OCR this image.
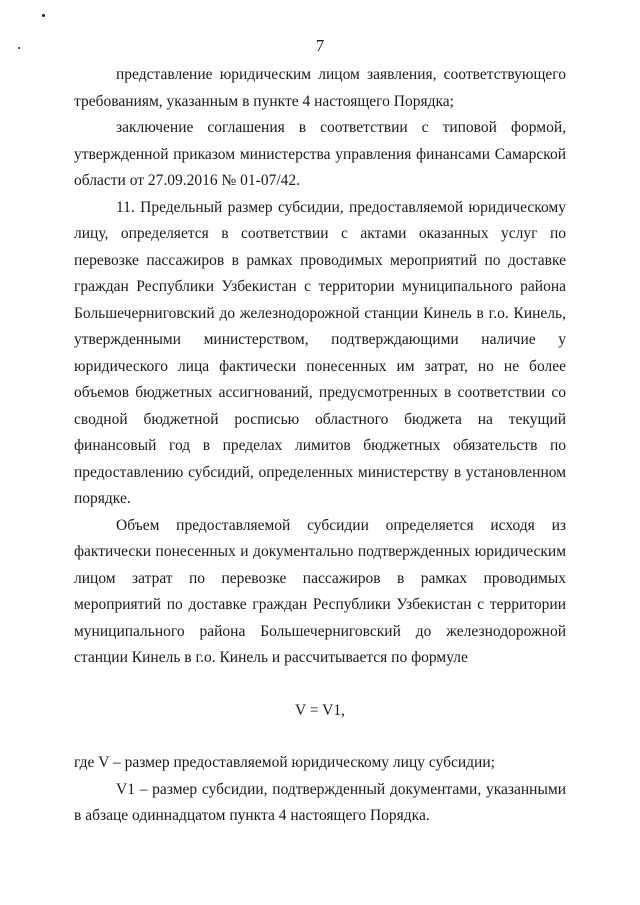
7

представление юридическим лицом заявления, соответствующего требованиям, указанным в пункте 4 настоящего Порядка;

заключение соглашения в соответствии с типовой формой, утвержденной приказом министерства управления финансами Самарской области от 27.09.2016 № 01-07/42.

11. Предельный размер субсидии, предоставляемой юридическому лицу, определяется в соответствии с актами оказанных услуг по перевозке пассажиров в рамках проводимых мероприятий по доставке граждан Республики Узбекистан с территории муниципального района Большечерниговский до железнодорожной станции Кинель в г.о. Кинель, утвержденными министерством, подтверждающими наличие у юридического лица фактически понесенных им затрат, но не более объемов бюджетных ассигнований, предусмотренных в соответствии со сводной бюджетной росписью областного бюджета на текущий финансовый год в пределах лимитов бюджетных обязательств по предоставлению субсидий, определенных министерству в установленном порядке.

Объем предоставляемой субсидии определяется исходя из фактически понесенных и документально подтвержденных юридическим лицом затрат по перевозке пассажиров в рамках проводимых мероприятий по доставке граждан Республики Узбекистан с территории муниципального района Большечерниговский до железнодорожной станции Кинель в г.о. Кинель и рассчитывается по формуле

V = V1,

где V – размер предоставляемой юридическому лицу субсидии;

V1 – размер субсидии, подтвержденный документами, указанными в абзаце одиннадцатом пункта 4 настоящего Порядка.
